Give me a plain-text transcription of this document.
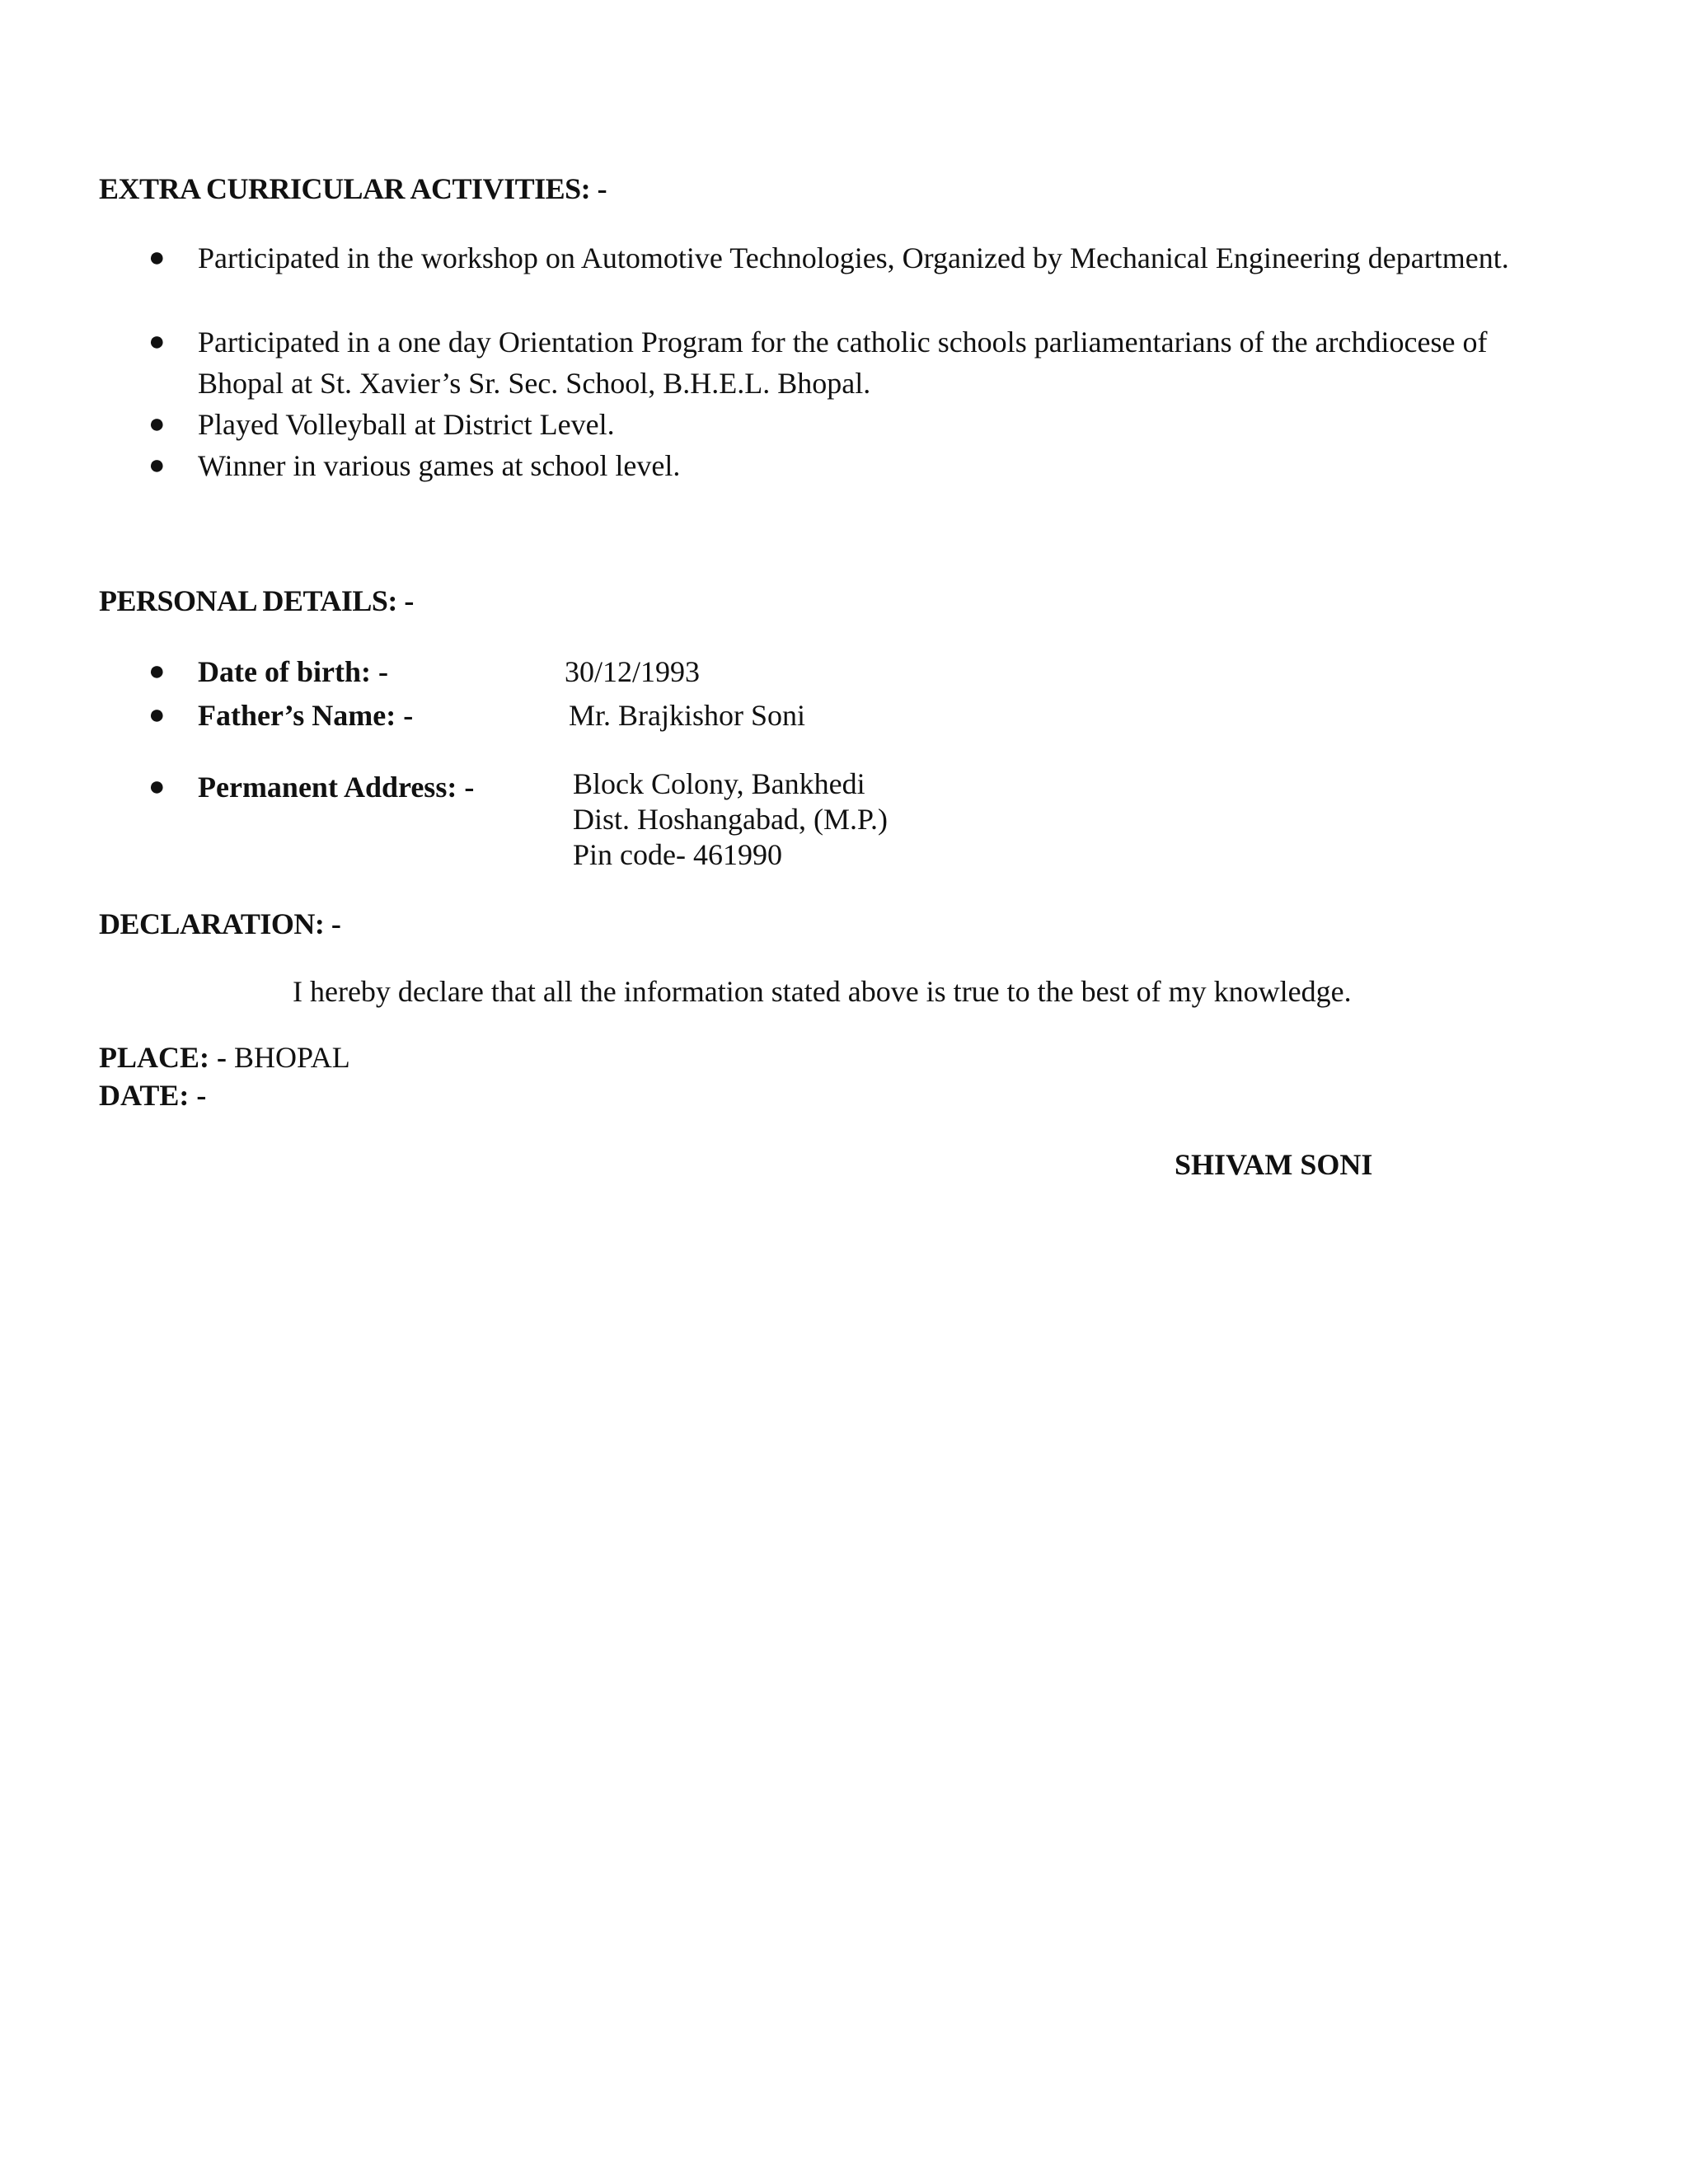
EXTRA CURRICULAR ACTIVITIES: -
●	Participated in the workshop on Automotive Technologies, Organized by Mechanical Engineering department.
●	Participated in a one day Orientation Program for the catholic schools parliamentarians of the archdiocese of Bhopal at St. Xavier’s Sr. Sec. School, B.H.E.L. Bhopal.
●	Played Volleyball at District Level.
●	Winner in various games at school level.
PERSONAL DETAILS: -
●	Date of birth: -	30/12/1993
●	Father’s Name: -	Mr. Brajkishor Soni
●	Permanent Address: -	Block Colony, Bankhedi
Dist. Hoshangabad, (M.P.)
Pin code- 461990
DECLARATION: -
I hereby declare that all the information stated above is true to the best of my knowledge.
PLACE: - BHOPAL
DATE: -
SHIVAM SONI
